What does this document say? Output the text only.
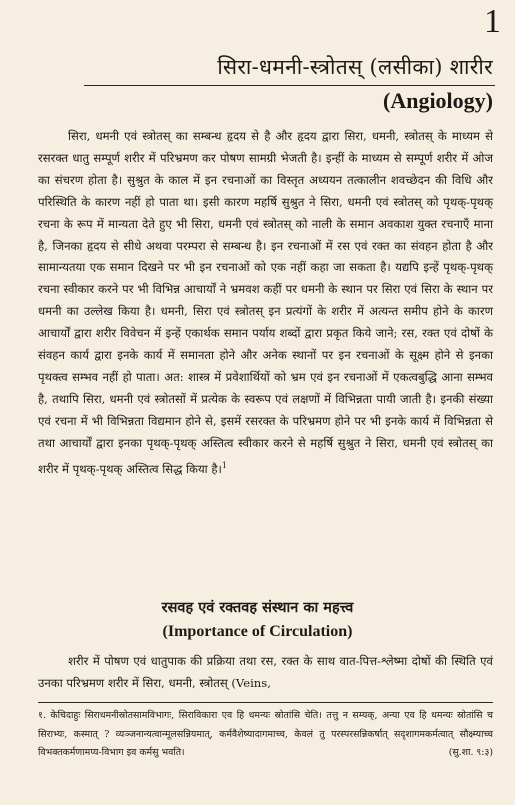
1
सिरा-धमनी-स्त्रोतस् (लसीका) शारीर
(Angiology)
सिरा, धमनी एवं स्त्रोतस् का सम्बन्ध हृदय से है और हृदय द्वारा सिरा, धमनी, स्त्रोतस् के माध्यम से रसरक्त धातु सम्पूर्ण शरीर में परिभ्रमण कर पोषण सामग्री भेजती है। इन्हीं के माध्यम से सम्पूर्ण शरीर में ओज का संचरण होता है। सुश्रुत के काल में इन रचनाओं का विस्तृत अध्ययन तत्कालीन शवच्छेदन की विधि और परिस्थिति के कारण नहीं हो पाता था। इसी कारण महर्षि सुश्रुत ने सिरा, धमनी एवं स्त्रोतस् को पृथक्-पृथक् रचना के रूप में मान्यता देते हुए भी सिरा, धमनी एवं स्त्रोतस् को नाली के समान अवकाश युक्त रचनाएँ माना है, जिनका हृदय से सीधे अथवा परम्परा से सम्बन्ध है। इन रचनाओं में रस एवं रक्त का संवहन होता है और सामान्यतया एक समान दिखने पर भी इन रचनाओं को एक नहीं कहा जा सकता है। यद्यपि इन्हें पृथक्-पृथक् रचना स्वीकार करने पर भी विभिन्न आचार्यों ने भ्रमवश कहीं पर धमनी के स्थान पर सिरा एवं सिरा के स्थान पर धमनी का उल्लेख किया है। धमनी, सिरा एवं स्त्रोतस् इन प्रत्यंगों के शरीर में अत्यन्त समीप होने के कारण आचार्यों द्वारा शरीर विवेचन में इन्हें एकार्थक समान पर्याय शब्दों द्वारा प्रकृत किये जाने; रस, रक्त एवं दोषों के संवहन कार्य द्वारा इनके कार्य में समानता होने और अनेक स्थानों पर इन रचनाओं के सूक्ष्म होने से इनका पृथक्त्व सम्भव नहीं हो पाता। अत: शास्त्र में प्रवेशार्थियों को भ्रम एवं इन रचनाओं में एकत्वबुद्धि आना सम्भव है, तथापि सिरा, धमनी एवं स्त्रोतसों में प्रत्येक के स्वरूप एवं लक्षणों में विभिन्नता पायी जाती है। इनकी संख्या एवं रचना में भी विभिन्नता विद्यमान होने से, इसमें रसरक्त के परिभ्रमण होने पर भी इनके कार्य में विभिन्नता से तथा आचार्यों द्वारा इनका पृथक्-पृथक् अस्तित्व स्वीकार करने से महर्षि सुश्रुत ने सिरा, धमनी एवं स्त्रोतस् का शरीर में पृथक्-पृथक् अस्तित्व सिद्ध किया है।$^1$
रसवह एवं रक्तवह संस्थान का महत्त्व
(Importance of Circulation)
शरीर में पोषण एवं धातुपाक की प्रक्रिया तथा रस, रक्त के साथ वात-पित्त-श्लेष्मा दोषों की स्थिति एवं उनका परिभ्रमण शरीर में सिरा, धमनी, स्त्रोतस् (Veins,
१. केचिदाहुः सिराधमनीस्रोतसामविभागः, सिराविकारा एव हि धमन्यः स्रोतांसि चेति। तत्तु न सम्यक्, अन्या एव हि धमन्यः स्रोतांसि च सिराभ्यः, कस्मात् ? व्यञ्जनान्यत्वान्मूलसन्नियमात्, कर्मवैशेष्यादागमाच्च, केवलं तु परस्परसन्निकर्षात् सदृशागमकर्मत्वात् सौक्ष्म्याच्च विभक्तकर्मणामप्य-विभाग इव कर्मसु भवति।	(सु.शा. ९:३)
